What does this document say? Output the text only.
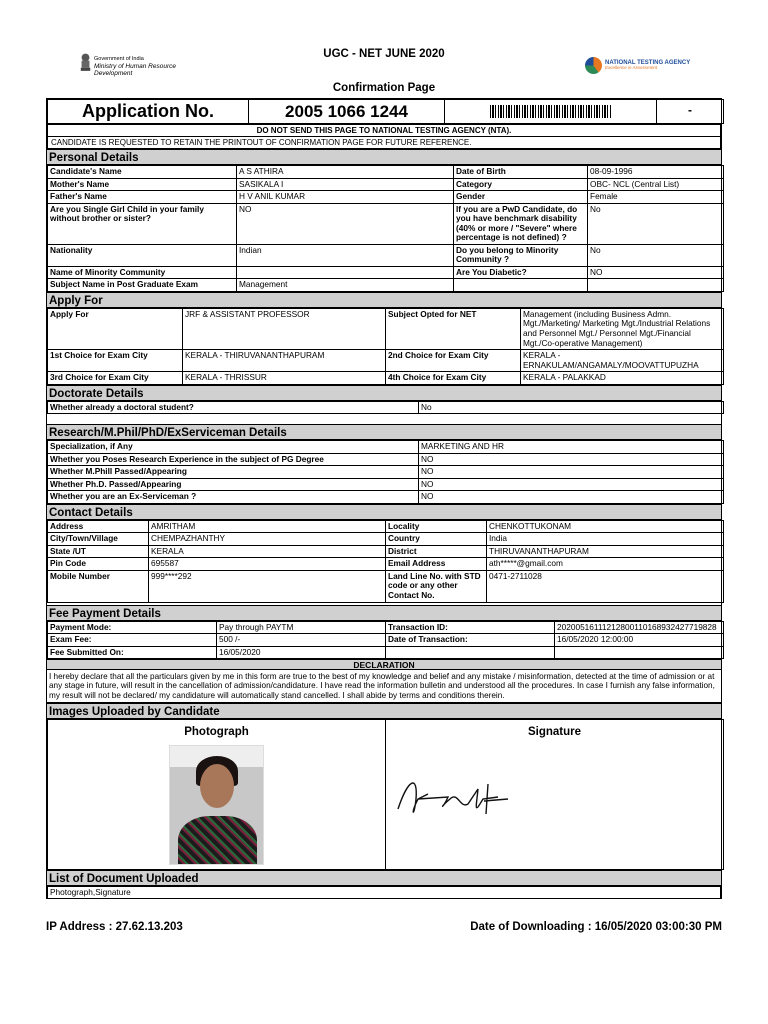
Government of India
Ministry of Human Resource Development
UGC - NET JUNE 2020
Confirmation Page
NATIONAL TESTING AGENCY
Excellence in Assessment
Application No.	2005 1066 1244		-
DO NOT SEND THIS PAGE TO NATIONAL TESTING AGENCY (NTA).
CANDIDATE IS REQUESTED TO RETAIN THE PRINTOUT OF CONFIRMATION PAGE FOR FUTURE REFERENCE.
Personal Details
Candidate's Name	A S ATHIRA	Date of Birth	08-09-1996
Mother's Name	SASIKALA I	Category	OBC- NCL (Central List)
Father's Name	H V ANIL KUMAR	Gender	Female
Are you Single Girl Child in your family without brother or sister?	NO	If you are a PwD Candidate, do you have benchmark disability (40% or more / "Severe" where percentage is not defined) ?	No
Nationality	Indian	Do you belong to Minority Community ?	No
Name of Minority Community		Are You Diabetic?	NO
Subject Name in Post Graduate Exam	Management		
Apply For
Apply For	JRF & ASSISTANT PROFESSOR	Subject Opted for NET	Management (including Business Admn. Mgt./Marketing/ Marketing Mgt./Industrial Relations and Personnel Mgt./ Personnel Mgt./Financial Mgt./Co-operative Management)
1st Choice for Exam City	KERALA - THIRUVANANTHAPURAM	2nd Choice for Exam City	KERALA - ERNAKULAM/ANGAMALY/MOOVATTUPUZHA
3rd Choice for Exam City	KERALA - THRISSUR	4th Choice for Exam City	KERALA - PALAKKAD
Doctorate Details
Whether already a doctoral student?	No
Research/M.Phil/PhD/ExServiceman Details
Specialization, if Any	MARKETING AND HR
Whether you Poses Research Experience in the subject of PG Degree	NO
Whether M.Phill Passed/Appearing	NO
Whether Ph.D. Passed/Appearing	NO
Whether you are an Ex-Serviceman ?	NO
Contact Details
Address	AMRITHAM	Locality	CHENKOTTUKONAM
City/Town/Village	CHEMPAZHANTHY	Country	India
State /UT	KERALA	District	THIRUVANANTHAPURAM
Pin Code	695587	Email Address	ath*****@gmail.com
Mobile Number	999****292	Land Line No. with STD code or any other Contact No.	0471-2711028
Fee Payment Details
Payment Mode:	Pay through PAYTM	Transaction ID:	20200516111212800110168932427719828
Exam Fee:	500 /-	Date of Transaction:	16/05/2020 12:00:00
Fee Submitted On:	16/05/2020		
DECLARATION
I hereby declare that all the particulars given by me in this form are true to the best of my knowledge and belief and any mistake / misinformation, detected at the time of admission or at any stage in future, will result in the cancellation of admission/candidature. I have read the information bulletin and understood all the procedures. In case I furnish any false information, my result will not be declared/ my candidature will automatically stand cancelled. I shall abide by terms and conditions therein.
Images Uploaded by Candidate
Photograph	Signature
List of Document Uploaded
Photograph,Signature
IP Address : 27.62.13.203	Date of Downloading : 16/05/2020 03:00:30 PM
